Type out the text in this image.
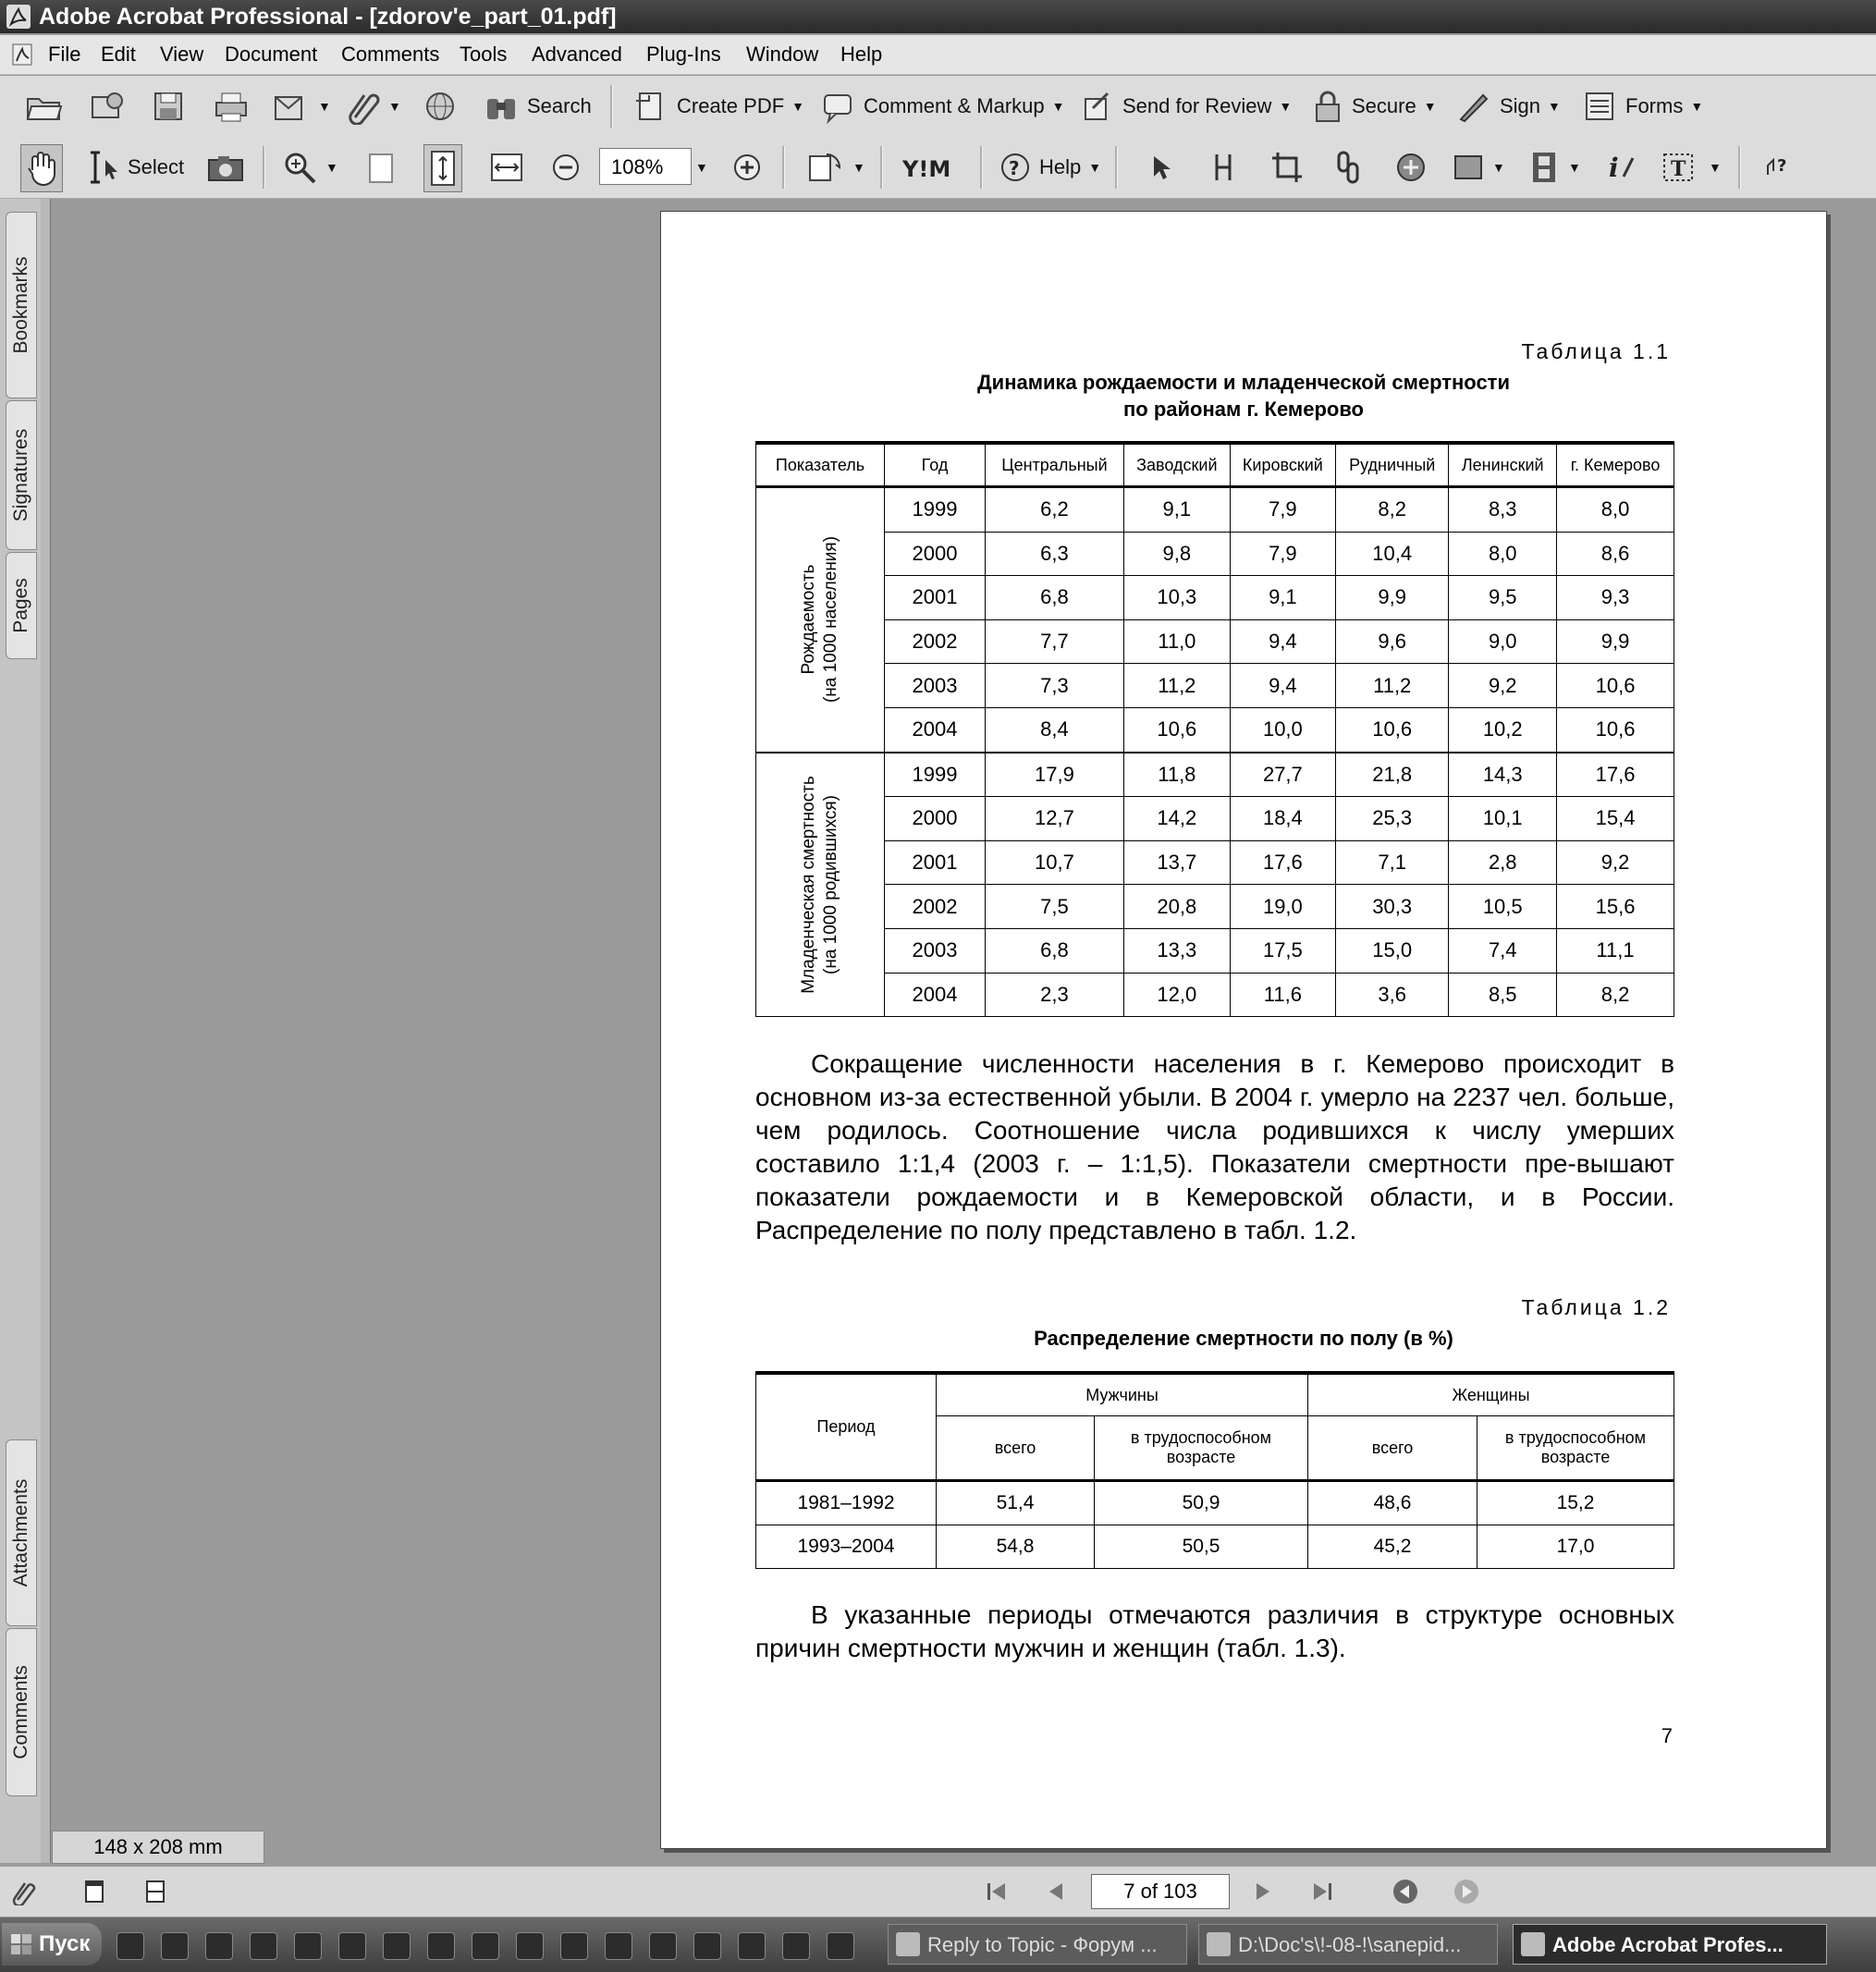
Adobe Acrobat Professional - [zdorov'e_part_01.pdf]
File Edit View Document Comments Tools Advanced Plug-Ins Window Help
▼	▼	Search	Create PDF ▼	Comment & Markup ▼	Send for Review ▼	Secure ▼	Sign ▼	Forms ▼
Select	▼	108%	▼	▼ Y!M	? Help ▼	▼	▼ i	T ▼	?
Bookmarks
Signatures
Pages
Attachments
Comments
148 x 208 mm
Таблица 1.1
Динамика рождаемости и младенческой смертности
по районам г. Кемерово
Показатель	Год	Центральный	Заводский	Кировский	Рудничный	Ленинский	г. Кемерово

Рождаемость (на 1000 населения)	1999	6,2	9,1	7,9	8,2	8,3	8,0
	2000	6,3	9,8	7,9	10,4	8,0	8,6
	2001	6,8	10,3	9,1	9,9	9,5	9,3
	2002	7,7	11,0	9,4	9,6	9,0	9,9
	2003	7,3	11,2	9,4	11,2	9,2	10,6
	2004	8,4	10,6	10,0	10,6	10,2	10,6

Младенческая смертность (на 1000 родившихся)	1999	17,9	11,8	27,7	21,8	14,3	17,6
	2000	12,7	14,2	18,4	25,3	10,1	15,4
	2001	10,7	13,7	17,6	7,1	2,8	9,2
	2002	7,5	20,8	19,0	30,3	10,5	15,6
	2003	6,8	13,3	17,5	15,0	7,4	11,1
	2004	2,3	12,0	11,6	3,6	8,5	8,2
Сокращение численности населения в г. Кемерово происходит в основном из-за естественной убыли. В 2004 г. умерло на 2237 чел. больше, чем родилось. Соотношение числа родившихся к числу умерших составило 1:1,4 (2003 г. – 1:1,5). Показатели смертности пре-вышают показатели рождаемости и в Кемеровской области, и в России. Распределение по полу представлено в табл. 1.2.
Таблица 1.2
Распределение смертности по полу (в %)
Период	Мужчины		Женщины	
	всего	в трудоспособном возрасте	всего	в трудоспособном возрасте
1981–1992	51,4	50,9	48,6	15,2
1993–2004	54,8	50,5	45,2	17,0
В указанные периоды отмечаются различия в структуре основных причин смертности мужчин и женщин (табл. 1.3).
7
7 of 103
Пуск	Reply to Topic - Форум ...	D:\Doc's\!-08-!\sanepid...	Adobe Acrobat Profes...
